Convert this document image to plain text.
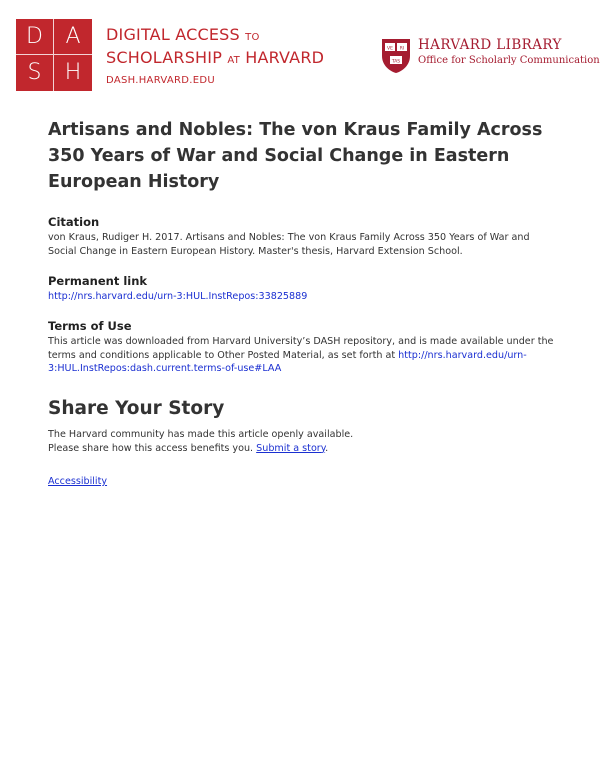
D	A
S	H
DIGITAL ACCESS TO
SCHOLARSHIP AT HARVARD
DASH.HARVARD.EDU
VE RI
TAS
HARVARD LIBRARY
Office for Scholarly Communication
Artisans and Nobles: The von Kraus Family Across 350 Years of War and Social Change in Eastern European History
Citation

von Kraus, Rudiger H. 2017. Artisans and Nobles: The von Kraus Family Across 350 Years of War and Social Change in Eastern European History. Master's thesis, Harvard Extension School.

Permanent link

http://nrs.harvard.edu/urn-3:HUL.InstRepos:33825889

Terms of Use

This article was downloaded from Harvard University’s DASH repository, and is made available under the terms and conditions applicable to Other Posted Material, as set forth at http://nrs.harvard.edu/urn-3:HUL.InstRepos:dash.current.terms-of-use#LAA

Share Your Story
The Harvard community has made this article openly available.
Please share how this access benefits you. Submit a story.
Accessibility
